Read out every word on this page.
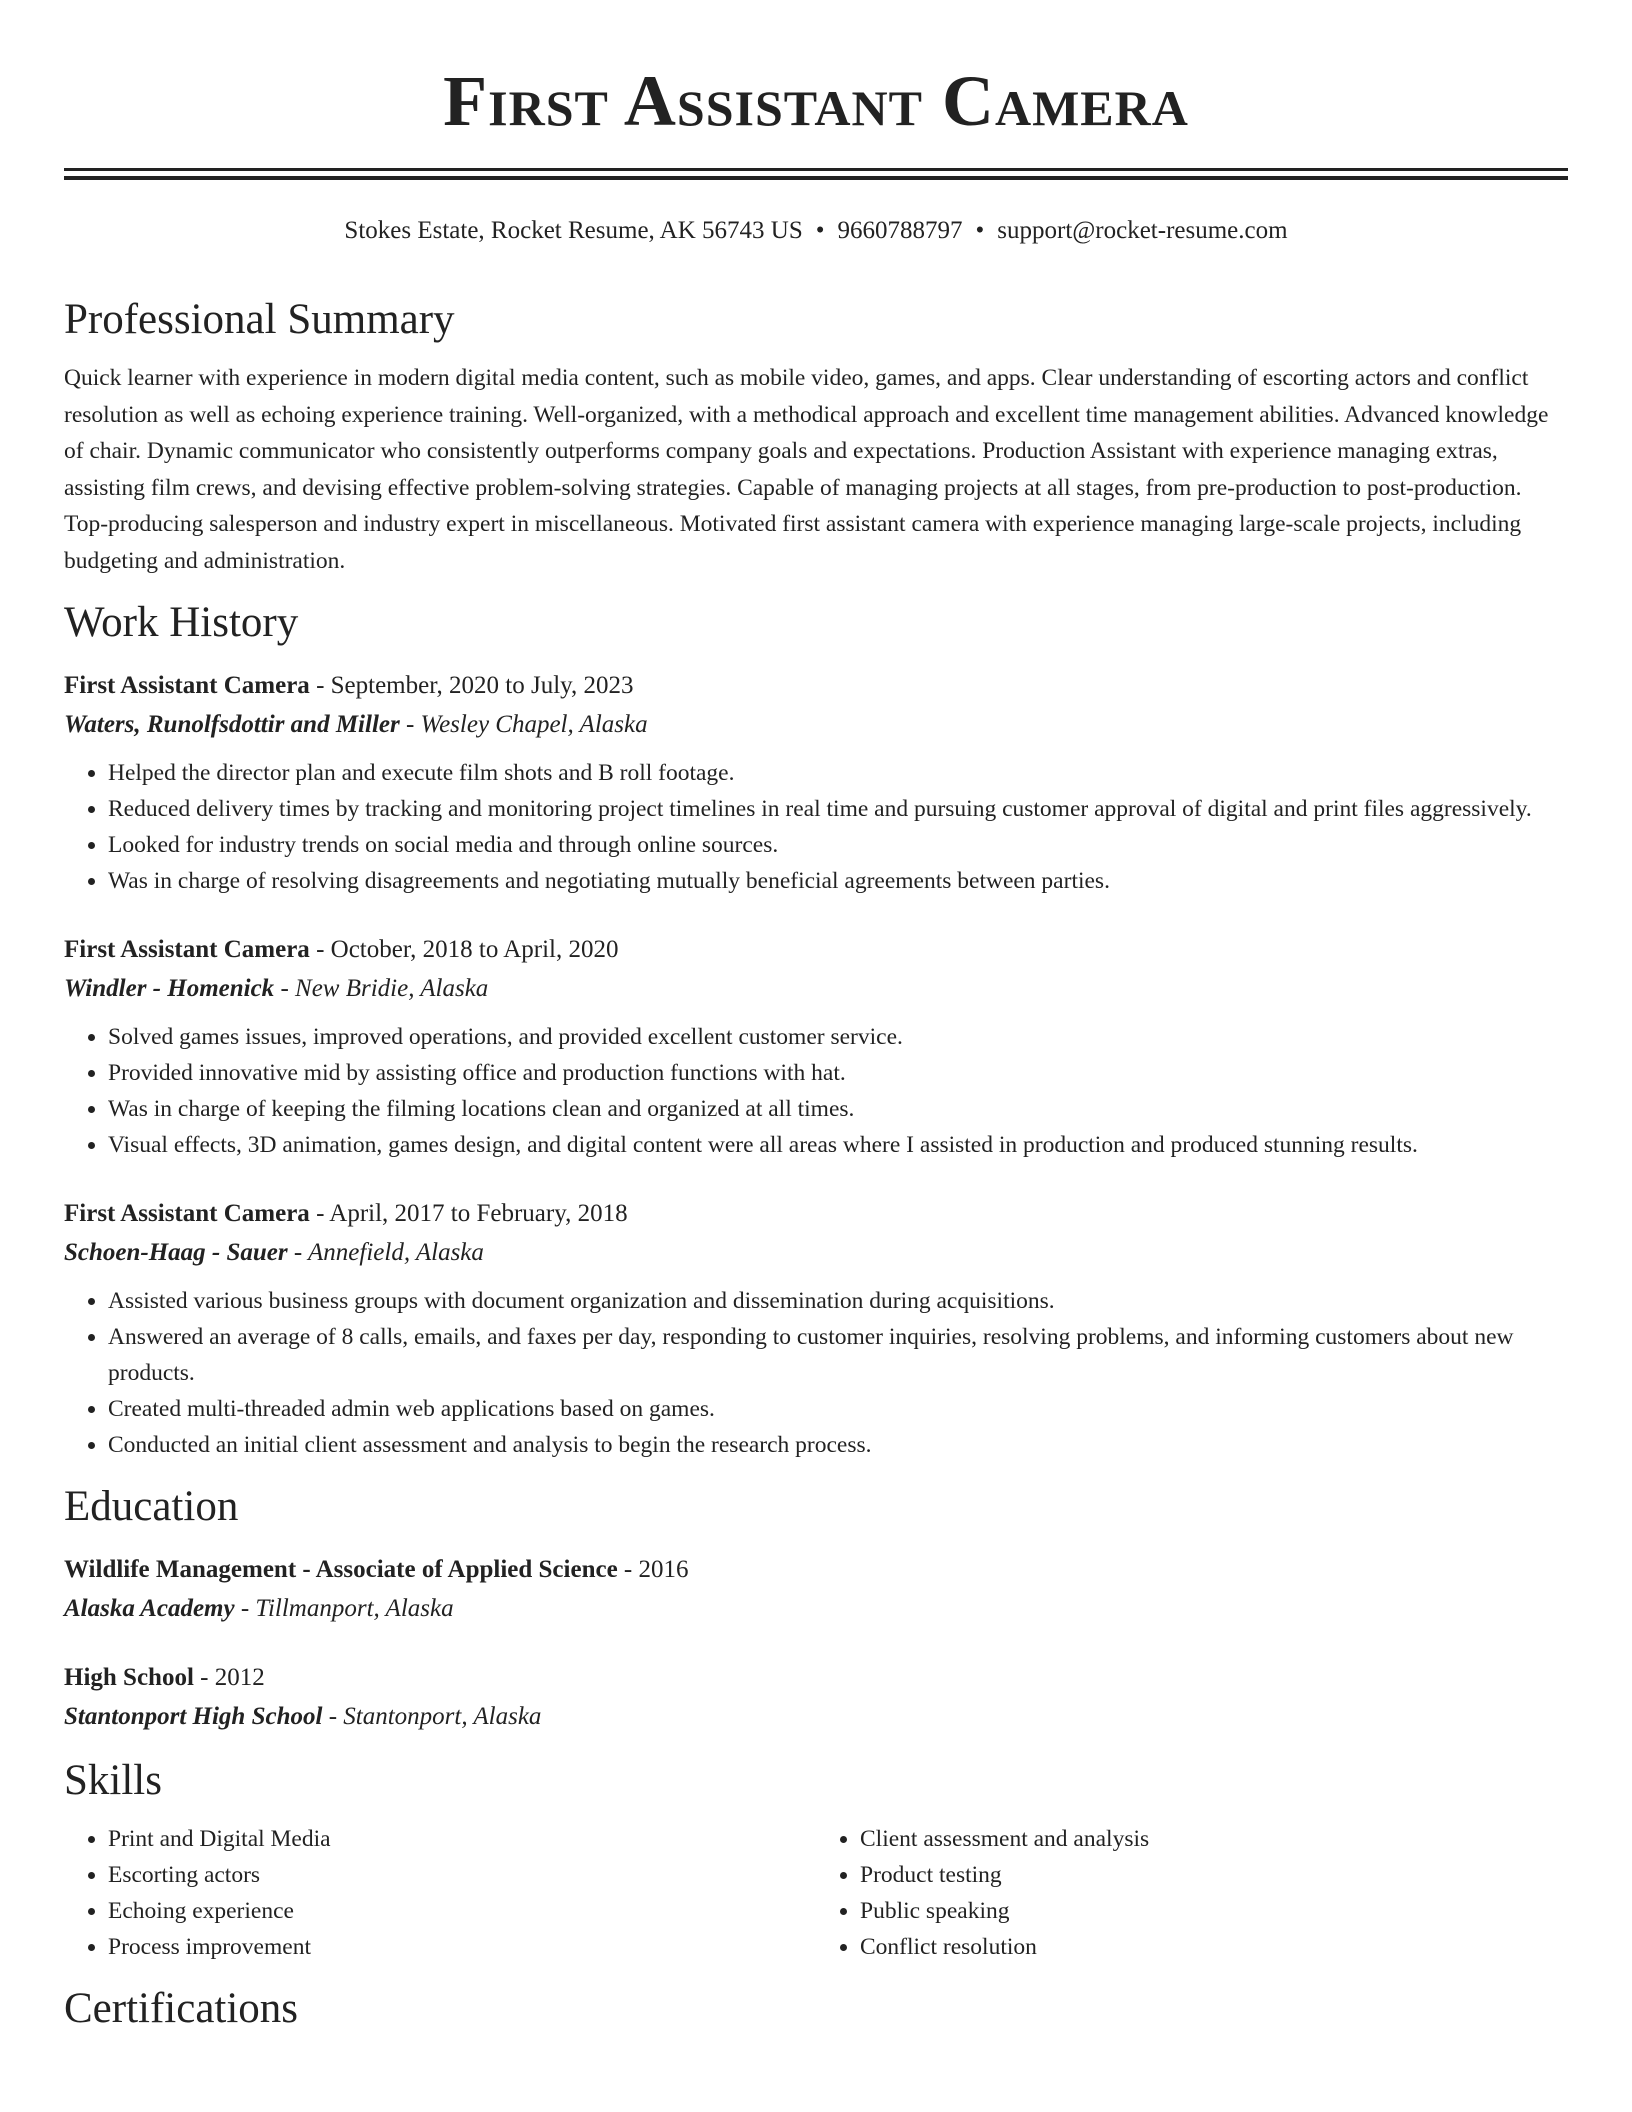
First Assistant Camera
Stokes Estate, Rocket Resume, AK 56743 US • 9660788797 • support@rocket-resume.com
Professional Summary

Quick learner with experience in modern digital media content, such as mobile video, games, and apps. Clear understanding of escorting actors and conflict resolution as well as echoing experience training. Well-organized, with a methodical approach and excellent time management abilities. Advanced knowledge of chair. Dynamic communicator who consistently outperforms company goals and expectations. Production Assistant with experience managing extras, assisting film crews, and devising effective problem-solving strategies. Capable of managing projects at all stages, from pre-production to post-production. Top-producing salesperson and industry expert in miscellaneous. Motivated first assistant camera with experience managing large-scale projects, including budgeting and administration.

Work History
First Assistant Camera - September, 2020 to July, 2023
Waters, Runolfsdottir and Miller - Wesley Chapel, Alaska
• Helped the director plan and execute film shots and B roll footage.
• Reduced delivery times by tracking and monitoring project timelines in real time and pursuing customer approval of digital and print files aggressively.
• Looked for industry trends on social media and through online sources.
• Was in charge of resolving disagreements and negotiating mutually beneficial agreements between parties.
First Assistant Camera - October, 2018 to April, 2020
Windler - Homenick - New Bridie, Alaska
• Solved games issues, improved operations, and provided excellent customer service.
• Provided innovative mid by assisting office and production functions with hat.
• Was in charge of keeping the filming locations clean and organized at all times.
• Visual effects, 3D animation, games design, and digital content were all areas where I assisted in production and produced stunning results.
First Assistant Camera - April, 2017 to February, 2018
Schoen-Haag - Sauer - Annefield, Alaska
• Assisted various business groups with document organization and dissemination during acquisitions.
• Answered an average of 8 calls, emails, and faxes per day, responding to customer inquiries, resolving problems, and informing customers about new products.
• Created multi-threaded admin web applications based on games.
• Conducted an initial client assessment and analysis to begin the research process.
Education
Wildlife Management - Associate of Applied Science - 2016
Alaska Academy - Tillmanport, Alaska
High School - 2012
Stantonport High School - Stantonport, Alaska
Skills
• Print and Digital Media
• Escorting actors
• Echoing experience
• Process improvement
• Client assessment and analysis
• Product testing
• Public speaking
• Conflict resolution
Certifications
